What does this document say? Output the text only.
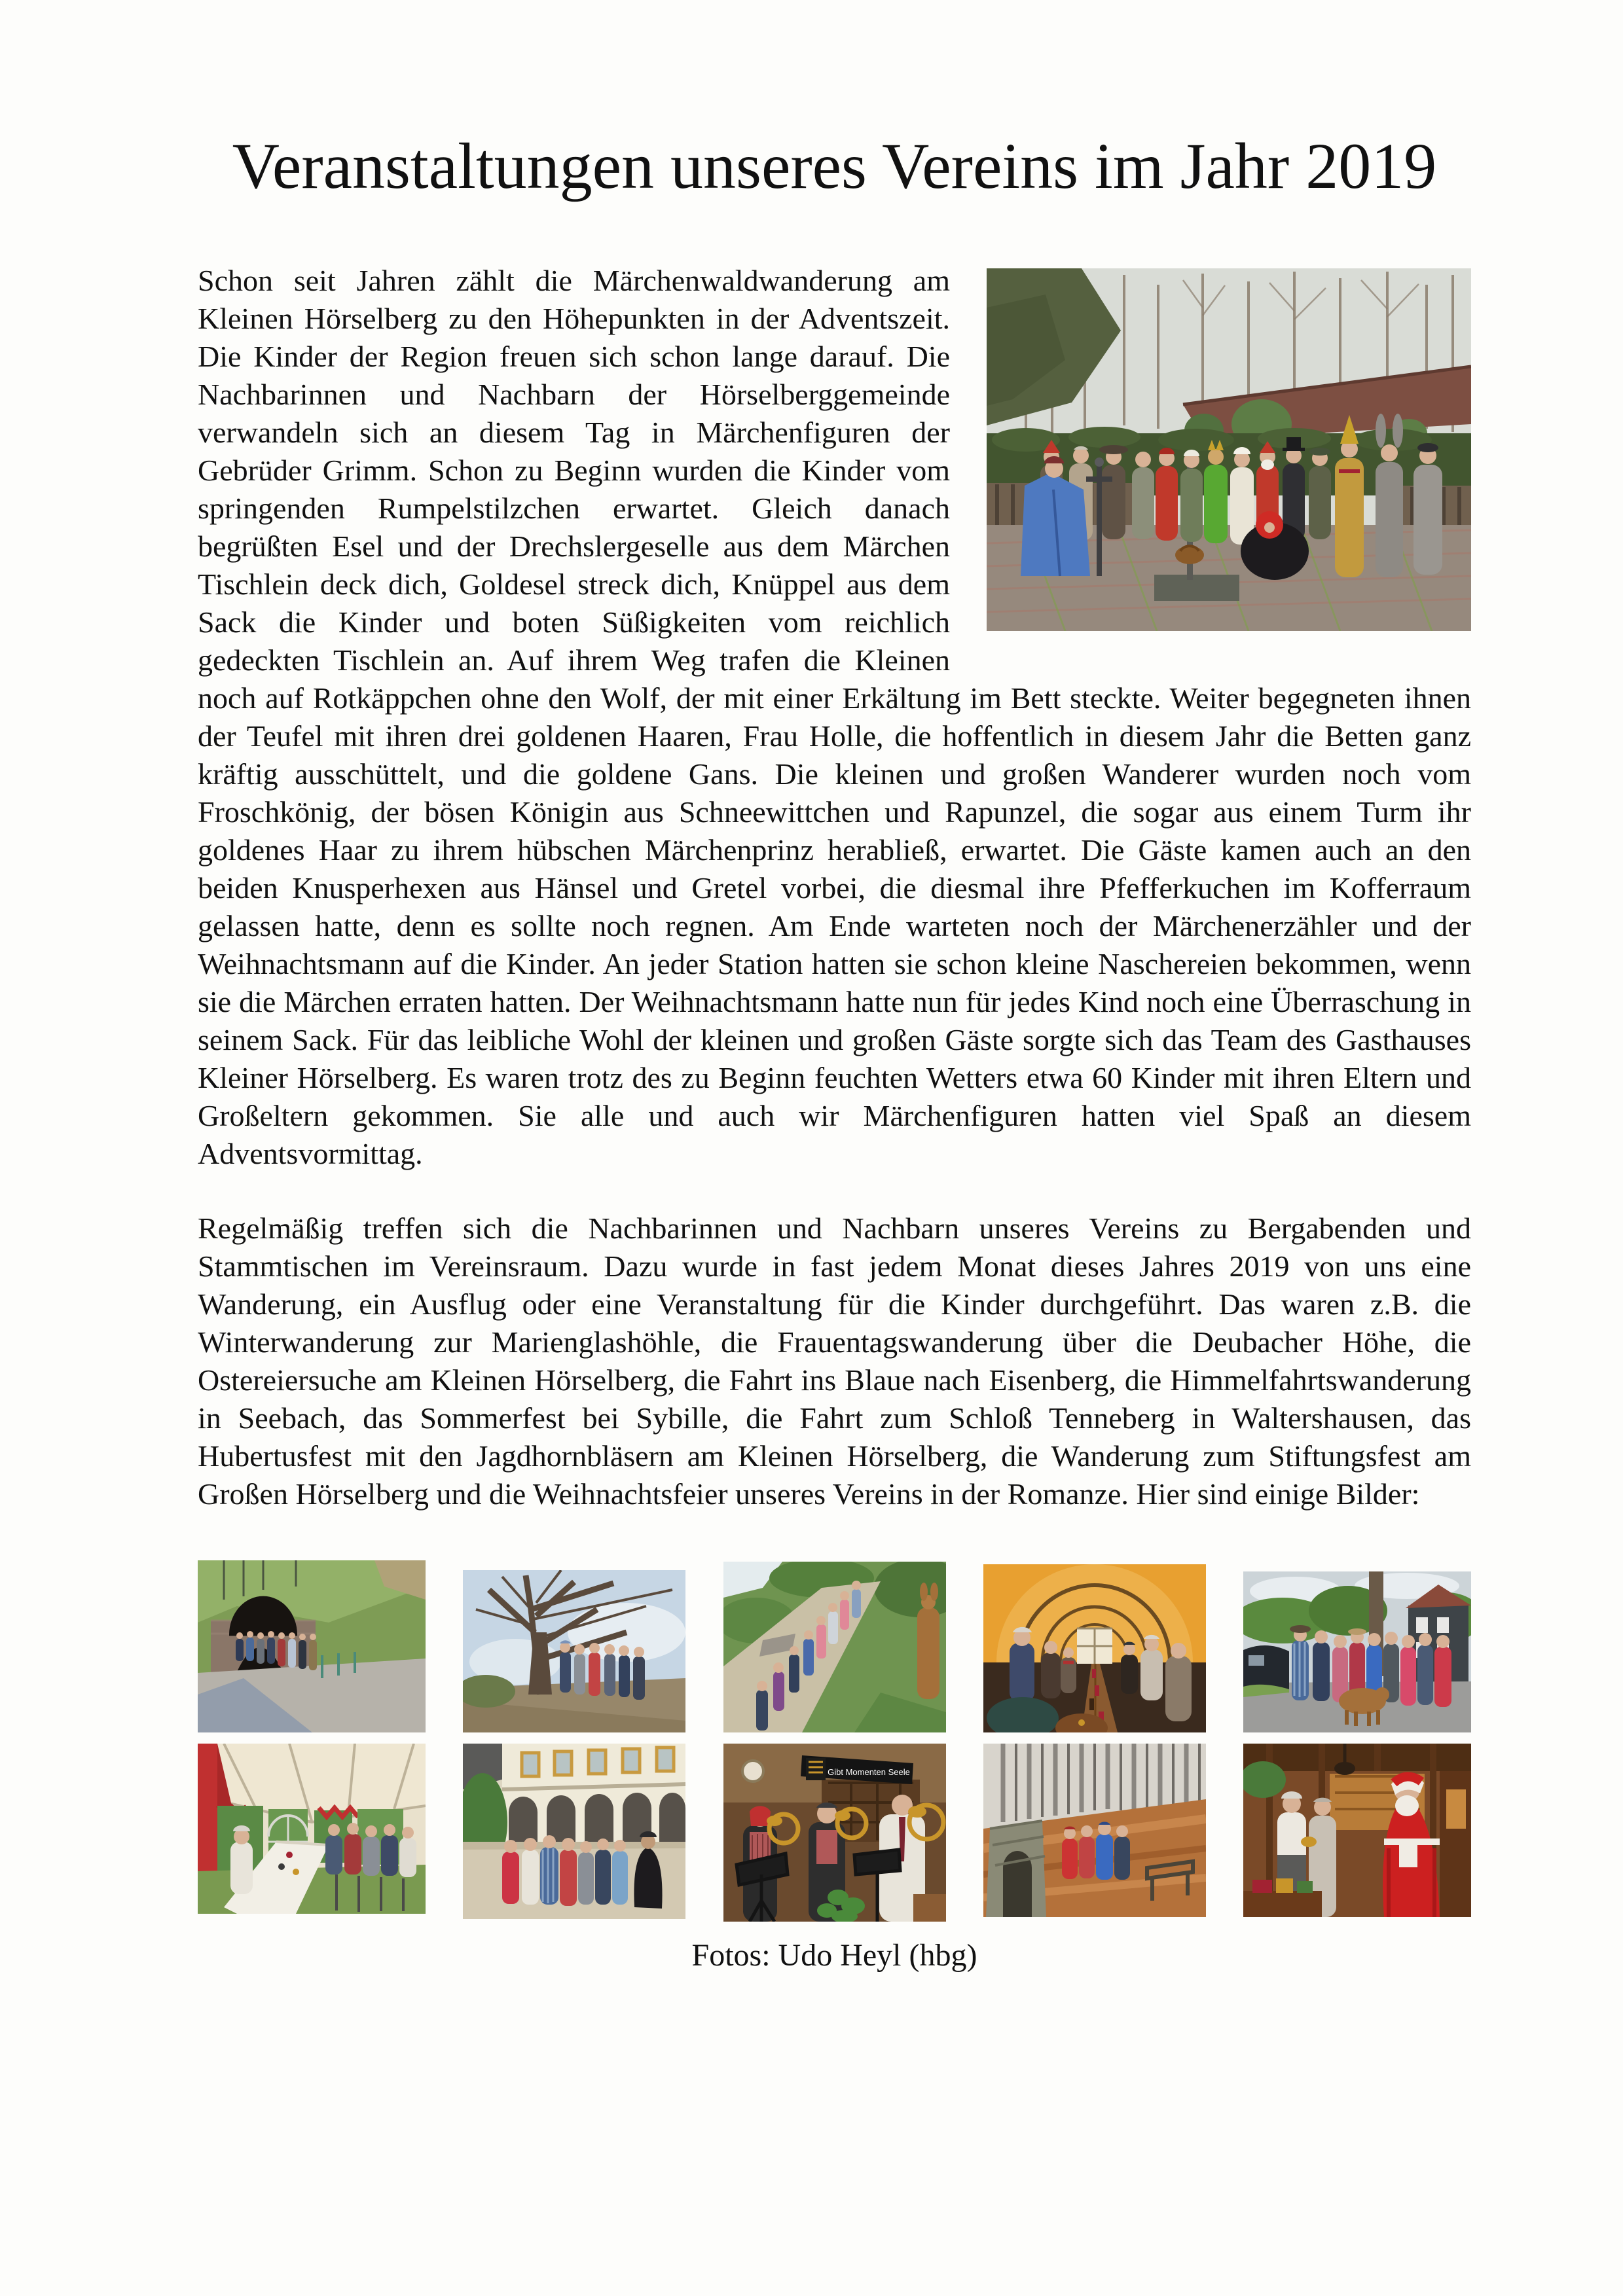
Veranstaltungen unseres Vereins im Jahr 2019

Schon seit Jahren zählt die Märchenwaldwanderung am Kleinen Hörselberg zu den Höhepunkten in der Adventszeit. Die Kinder der Region freuen sich schon lange darauf. Die Nachbarinnen und Nachbarn der Hörselberggemeinde verwandeln sich an diesem Tag in Märchenfiguren der Gebrüder Grimm. Schon zu Beginn wurden die Kinder vom springenden Rumpelstilzchen erwartet. Gleich danach begrüßten Esel und der Drechslergeselle aus dem Märchen Tischlein deck dich, Goldesel streck dich, Knüppel aus dem Sack die Kinder und boten Süßigkeiten vom reichlich gedeckten Tischlein an. Auf ihrem Weg trafen die Kleinen noch auf Rotkäppchen ohne den Wolf, der mit einer Erkältung im Bett steckte. Weiter begegneten ihnen der Teufel mit ihren drei goldenen Haaren, Frau Holle, die hoffentlich in diesem Jahr die Betten ganz kräftig ausschüttelt, und die goldene Gans. Die kleinen und großen Wanderer wurden noch vom Froschkönig, der bösen Königin aus Schneewittchen und Rapunzel, die sogar aus einem Turm ihr goldenes Haar zu ihrem hübschen Märchenprinz herabließ, erwartet. Die Gäste kamen auch an den beiden Knusperhexen aus Hänsel und Gretel vorbei, die diesmal ihre Pfefferkuchen im Kofferraum gelassen hatte, denn es sollte noch regnen. Am Ende warteten noch der Märchenerzähler und der Weihnachtsmann auf die Kinder. An jeder Station hatten sie schon kleine Naschereien bekommen, wenn sie die Märchen erraten hatten. Der Weihnachtsmann hatte nun für jedes Kind noch eine Überraschung in seinem Sack. Für das leibliche Wohl der kleinen und großen Gäste sorgte sich das Team des Gasthauses Kleiner Hörselberg. Es waren trotz des zu Beginn feuchten Wetters etwa 60 Kinder mit ihren Eltern und Großeltern gekommen. Sie alle und auch wir Märchenfiguren hatten viel Spaß an diesem Adventsvormittag.

Regelmäßig treffen sich die Nachbarinnen und Nachbarn unseres Vereins zu Bergabenden und Stammtischen im Vereinsraum. Dazu wurde in fast jedem Monat dieses Jahres 2019 von uns eine Wanderung, ein Ausflug oder eine Veranstaltung für die Kinder durchgeführt. Das waren z.B. die Winterwanderung zur Marienglashöhle, die Frauentagswanderung über die Deubacher Höhe, die Ostereiersuche am Kleinen Hörselberg, die Fahrt ins Blaue nach Eisenberg, die Himmelfahrtswanderung in Seebach, das Sommerfest bei Sybille, die Fahrt zum Schloß Tenneberg in Waltershausen, das Hubertusfest mit den Jagdhornbläsern am Kleinen Hörselberg, die Wanderung zum Stiftungsfest am Großen Hörselberg und die Weihnachtsfeier unseres Vereins in der Romanze. Hier sind einige Bilder:

Gibt Momenten Seele
Fotos: Udo Heyl (hbg)
